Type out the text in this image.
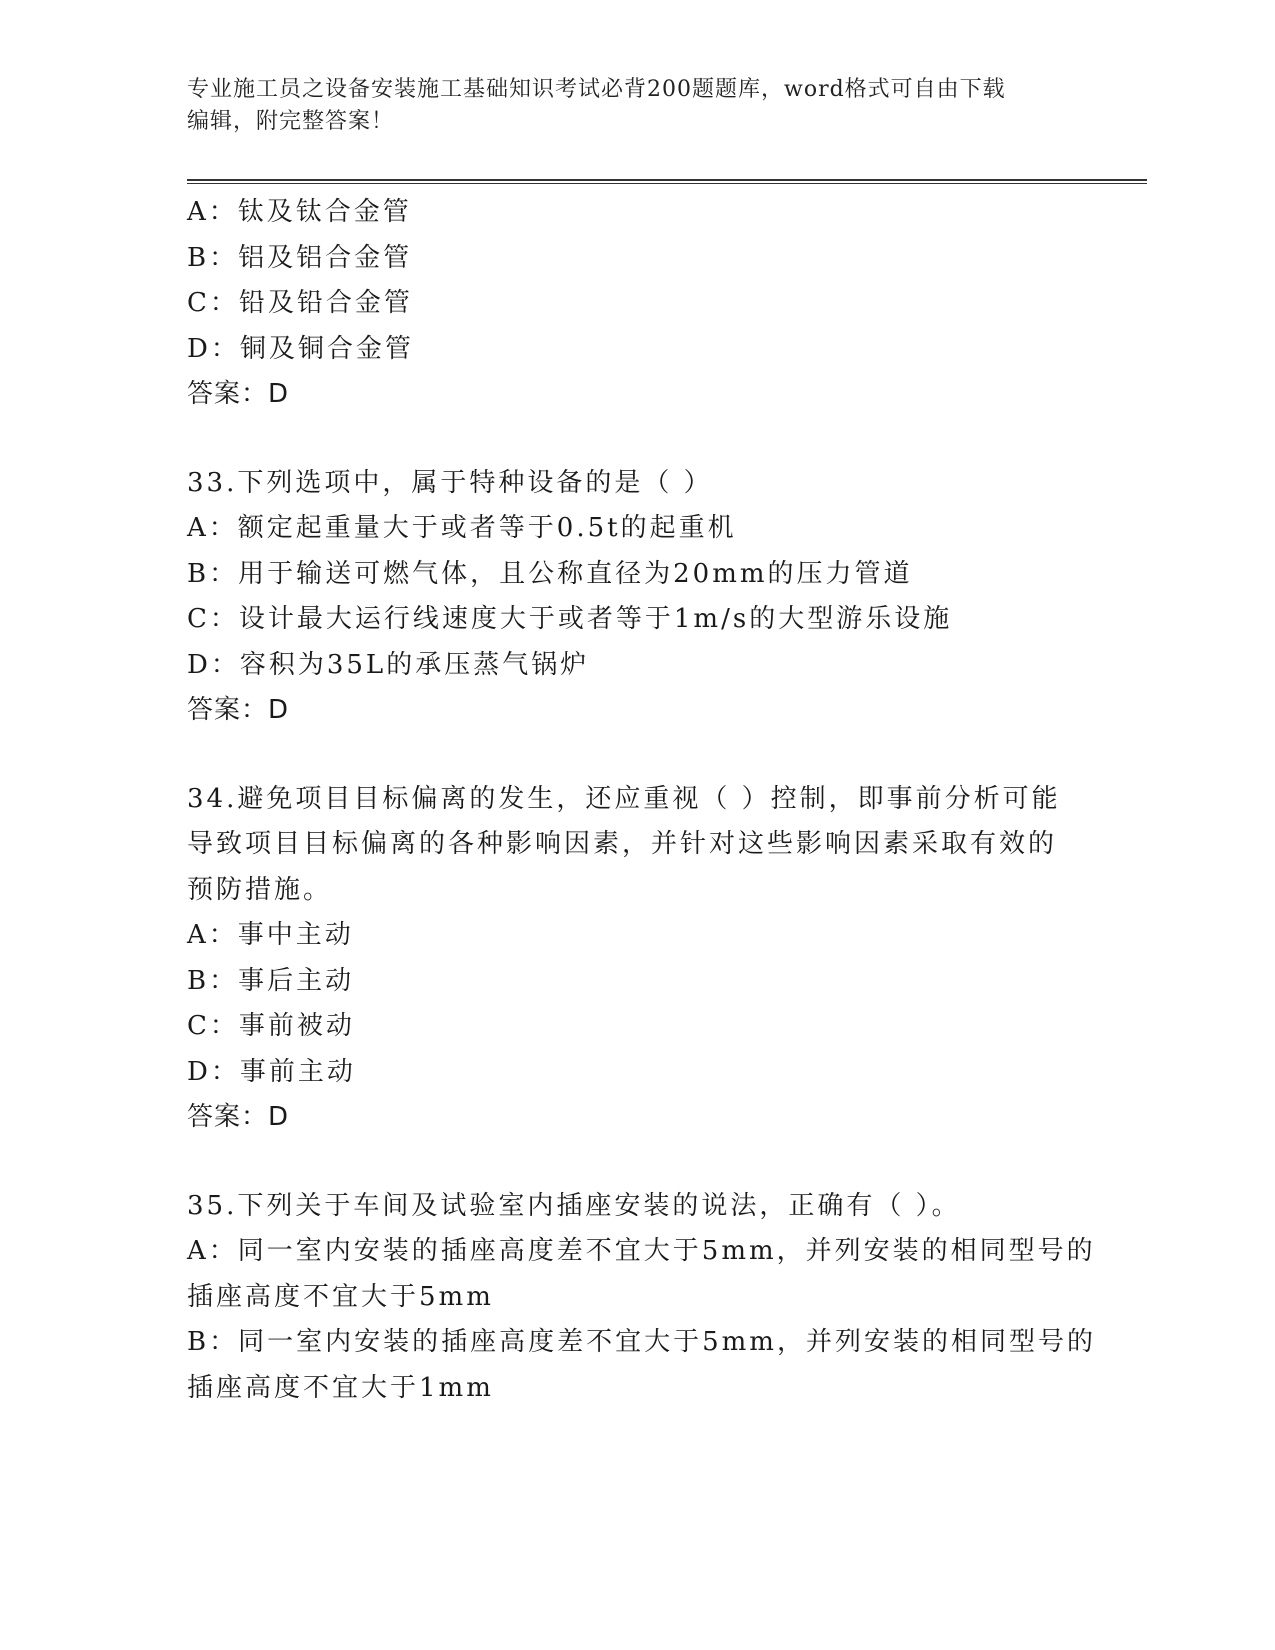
专业施工员之设备安装施工基础知识考试必背200题题库，word格式可自由下载
编辑，附完整答案！
A：钛及钛合金管
B：铝及铝合金管
C：铅及铅合金管
D：铜及铜合金管
答案：D
33.下列选项中，属于特种设备的是（ ）
A：额定起重量大于或者等于0.5t的起重机
B：用于输送可燃气体，且公称直径为20mm的压力管道
C：设计最大运行线速度大于或者等于1m/s的大型游乐设施
D：容积为35L的承压蒸气锅炉
答案：D
34.避免项目目标偏离的发生，还应重视（ ）控制，即事前分析可能
导致项目目标偏离的各种影响因素，并针对这些影响因素采取有效的
预防措施。
A：事中主动
B：事后主动
C：事前被动
D：事前主动
答案：D
35.下列关于车间及试验室内插座安装的说法，正确有（ ）。
A：同一室内安装的插座高度差不宜大于5mm，并列安装的相同型号的
插座高度不宜大于5mm
B：同一室内安装的插座高度差不宜大于5mm，并列安装的相同型号的
插座高度不宜大于1mm
